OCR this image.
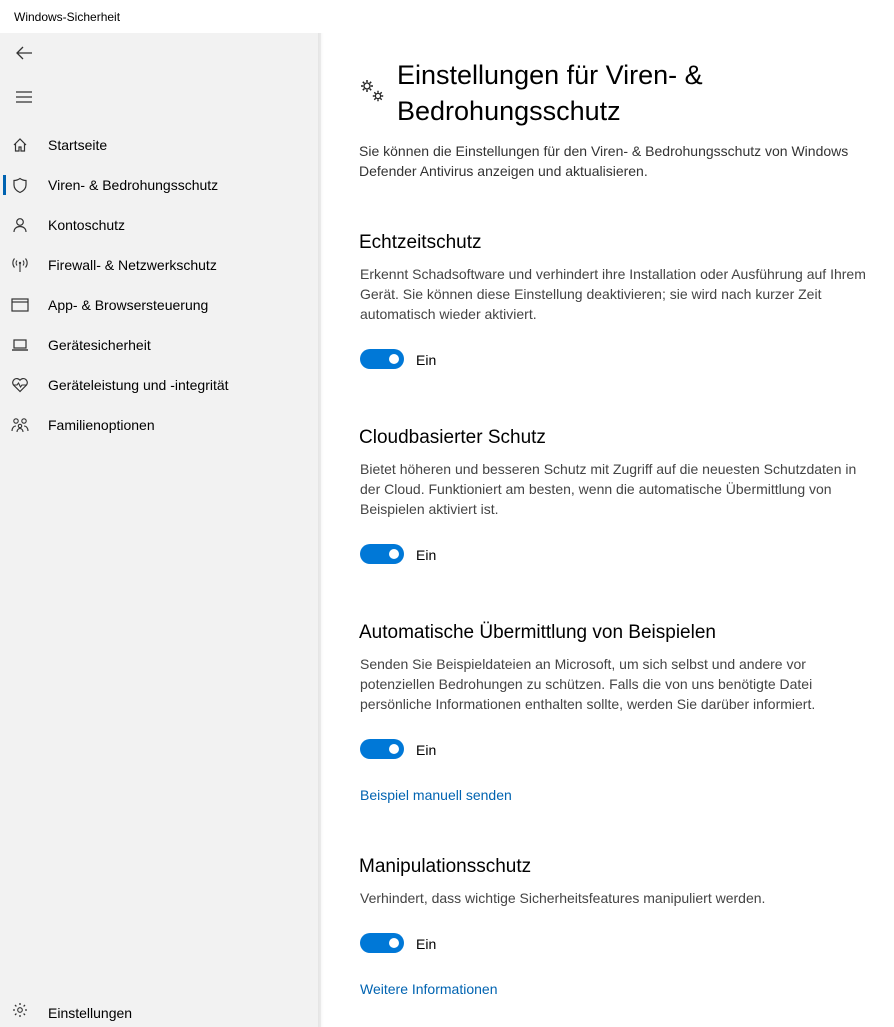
Windows-Sicherheit
Startseite
Viren- & Bedrohungsschutz
Kontoschutz
Firewall- & Netzwerkschutz
App- & Browsersteuerung
Gerätesicherheit
Geräteleistung und -integrität
Familienoptionen
Einstellungen
Einstellungen für Viren- & Bedrohungsschutz

Sie können die Einstellungen für den Viren- & Bedrohungsschutz von Windows Defender Antivirus anzeigen und aktualisieren.

Echtzeitschutz

Erkennt Schadsoftware und verhindert ihre Installation oder Ausführung auf Ihrem Gerät. Sie können diese Einstellung deaktivieren; sie wird nach kurzer Zeit automatisch wieder aktiviert.

Ein
Cloudbasierter Schutz

Bietet höheren und besseren Schutz mit Zugriff auf die neuesten Schutzdaten in der Cloud. Funktioniert am besten, wenn die automatische Übermittlung von Beispielen aktiviert ist.

Ein
Automatische Übermittlung von Beispielen

Senden Sie Beispieldateien an Microsoft, um sich selbst und andere vor potenziellen Bedrohungen zu schützen. Falls die von uns benötigte Datei persönliche Informationen enthalten sollte, werden Sie darüber informiert.

Ein
Beispiel manuell senden
Manipulationsschutz

Verhindert, dass wichtige Sicherheitsfeatures manipuliert werden.

Ein
Weitere Informationen
